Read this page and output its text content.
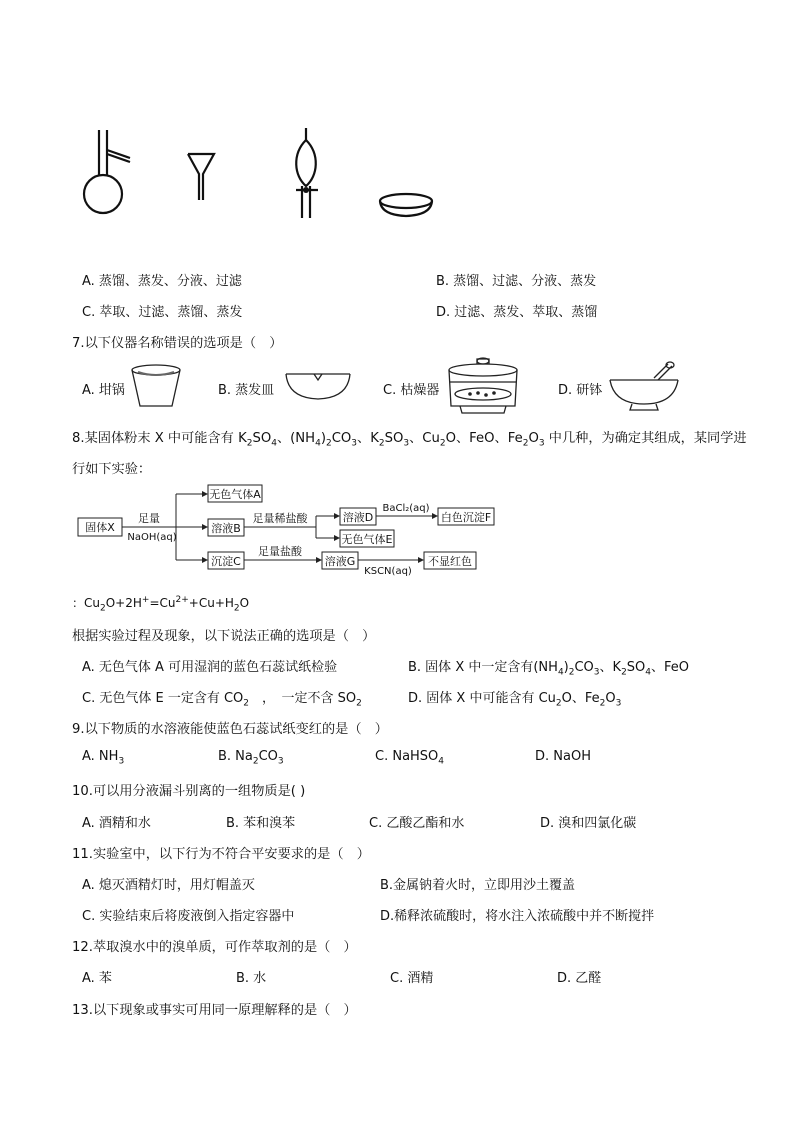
A. 蒸馏、蒸发、分液、过滤	B. 蒸馏、过滤、分液、蒸发
C. 萃取、过滤、蒸馏、蒸发	D. 过滤、蒸发、萃取、蒸馏
7.以下仪器名称错误的选项是（　）
A. 坩锅	B. 蒸发皿	C. 枯燥器	D. 研钵
8.某固体粉末 X 中可能含有 $K_2SO_4$、$(NH_4)_2CO_3$、$K_2SO_3$、$Cu_2O$、FeO、$Fe_2O_3$ 中几种，为确定其组成，某同学进
行如下实验：
固体X
足量
NaOH(aq)
无色气体A
溶液B
沉淀C
足量稀盐酸	溶液D
无色气体E
BaCl₂(aq)
白色沉淀F
足量盐酸
溶液G
KSCN(aq)
不显红色
：$Cu_2O+2H^+=Cu^{2+}+Cu+H_2O$
根据实验过程及现象，以下说法正确的选项是（　）
A. 无色气体 A 可用湿润的蓝色石蕊试纸检验	B. 固体 X 中一定含有$(NH_4)_2CO_3$、$K_2SO_4$、FeO
C. 无色气体 E 一定含有 $CO_2$　，　一定不含 $SO_2$	D. 固体 X 中可能含有 $Cu_2O$、$Fe_2O_3$
9.以下物质的水溶液能使蓝色石蕊试纸变红的是（　）
A. $NH_3$	B. $Na_2CO_3$	C. NaHSO$_4$	D. NaOH
10.可以用分液漏斗别离的一组物质是( )
A. 酒精和水	B. 苯和溴苯	C. 乙酸乙酯和水	D. 溴和四氯化碳
11.实验室中，以下行为不符合平安要求的是（　）
A. 熄灭酒精灯时，用灯帽盖灭	B.金属钠着火时，立即用沙土覆盖
C. 实验结束后将废液倒入指定容器中	D.稀释浓硫酸时，将水注入浓硫酸中并不断搅拌
12.萃取溴水中的溴单质，可作萃取剂的是（　）
A. 苯	B. 水	C. 酒精	D. 乙醛
13.以下现象或事实可用同一原理解释的是（　）
